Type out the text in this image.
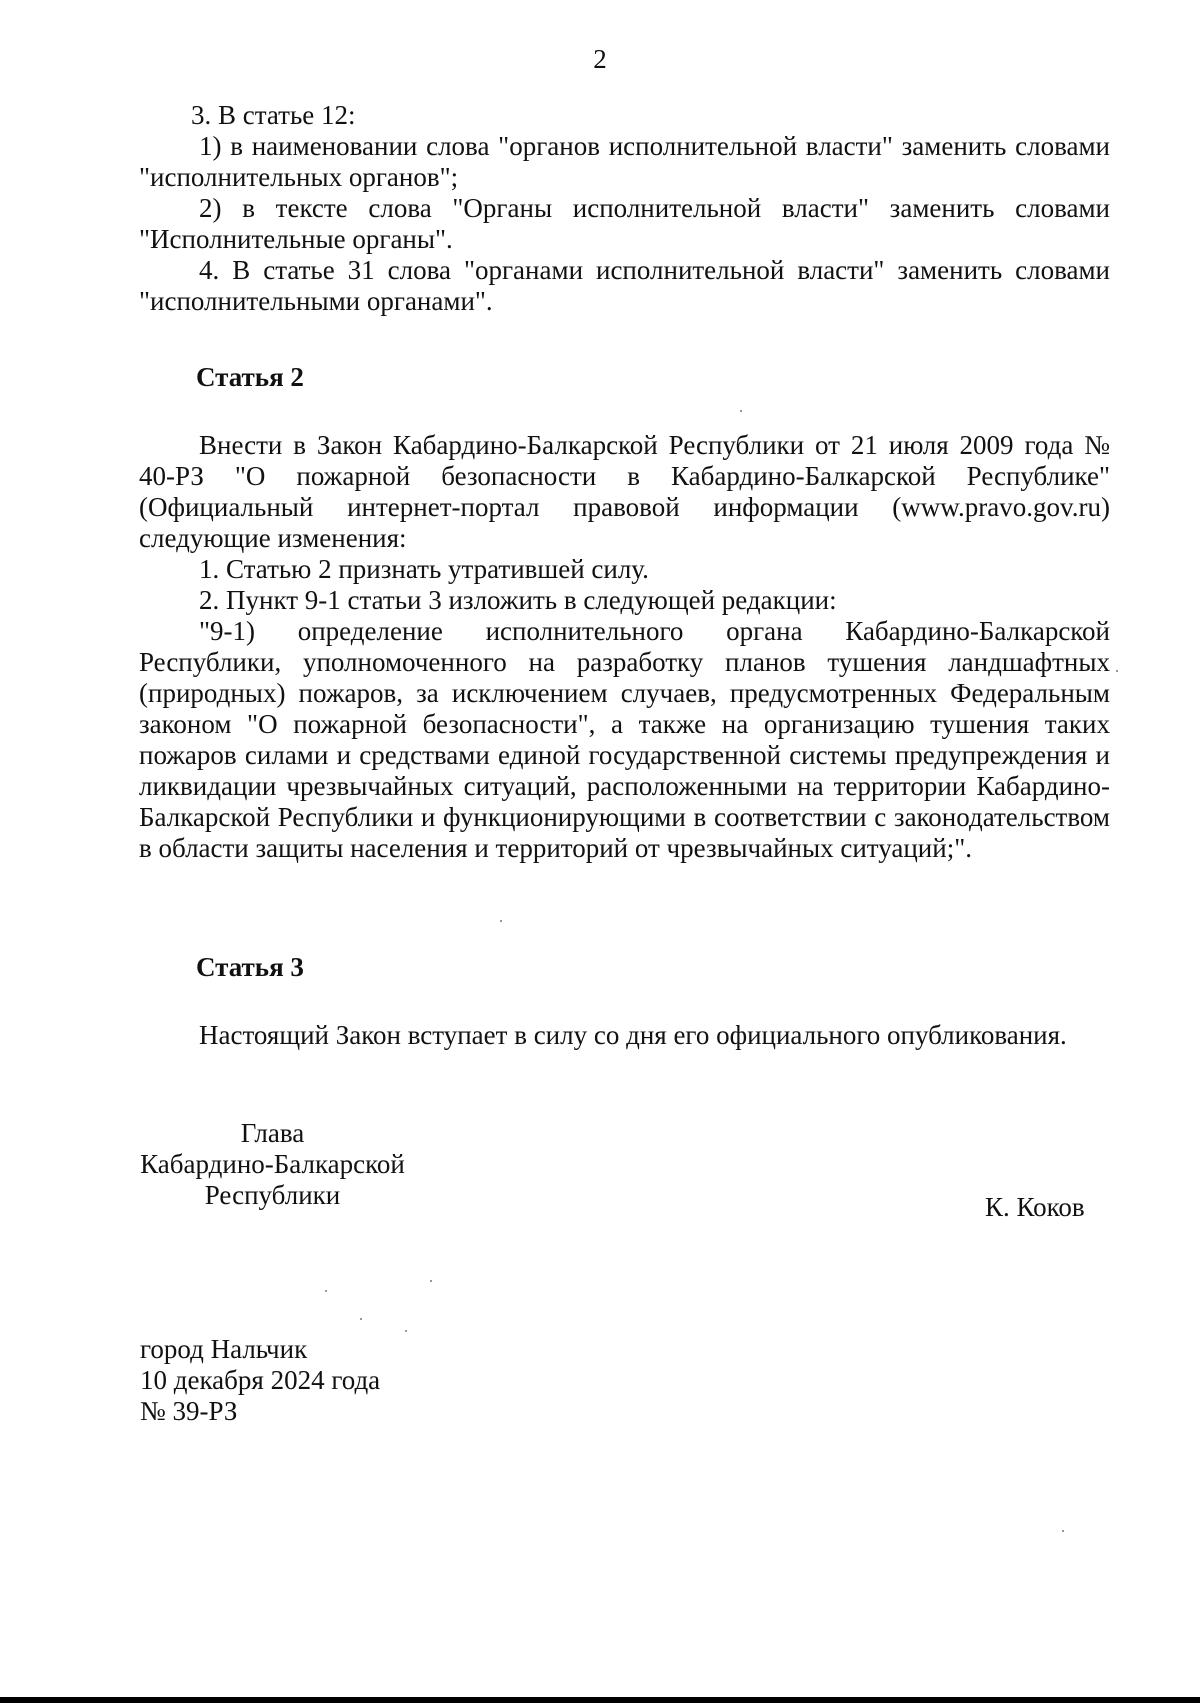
2

3. В статье 12:

1) в наименовании слова "органов исполнительной власти" заменить словами "исполнительных органов";

2) в тексте слова "Органы исполнительной власти" заменить словами "Исполнительные органы".

4. В статье 31 слова "органами исполнительной власти" заменить словами "исполнительными органами".

Статья 2

Внести в Закон Кабардино-Балкарской Республики от 21 июля 2009 года № 40-РЗ "О пожарной безопасности в Кабардино-Балкарской Республике" (Официальный интернет-портал правовой информации (www.pravo.gov.ru) следующие изменения:

1. Статью 2 признать утратившей силу.

2. Пункт 9-1 статьи 3 изложить в следующей редакции:

"9-1) определение исполнительного органа Кабардино-Балкарской Республики, уполномоченного на разработку планов тушения ландшафтных (природных) пожаров, за исключением случаев, предусмотренных Федеральным законом "О пожарной безопасности", а также на организацию тушения таких пожаров силами и средствами единой государственной системы предупреждения и ликвидации чрезвычайных ситуаций, расположенными на территории Кабардино-Балкарской Республики и функционирующими в соответствии с законодательством в области защиты населения и территорий от чрезвычайных ситуаций;".

Статья 3

Настоящий Закон вступает в силу со дня его официального опубликования.

Глава
Кабардино-Балкарской
Республики	К. Коков
город Нальчик
10 декабря 2024 года
№ 39-РЗ
